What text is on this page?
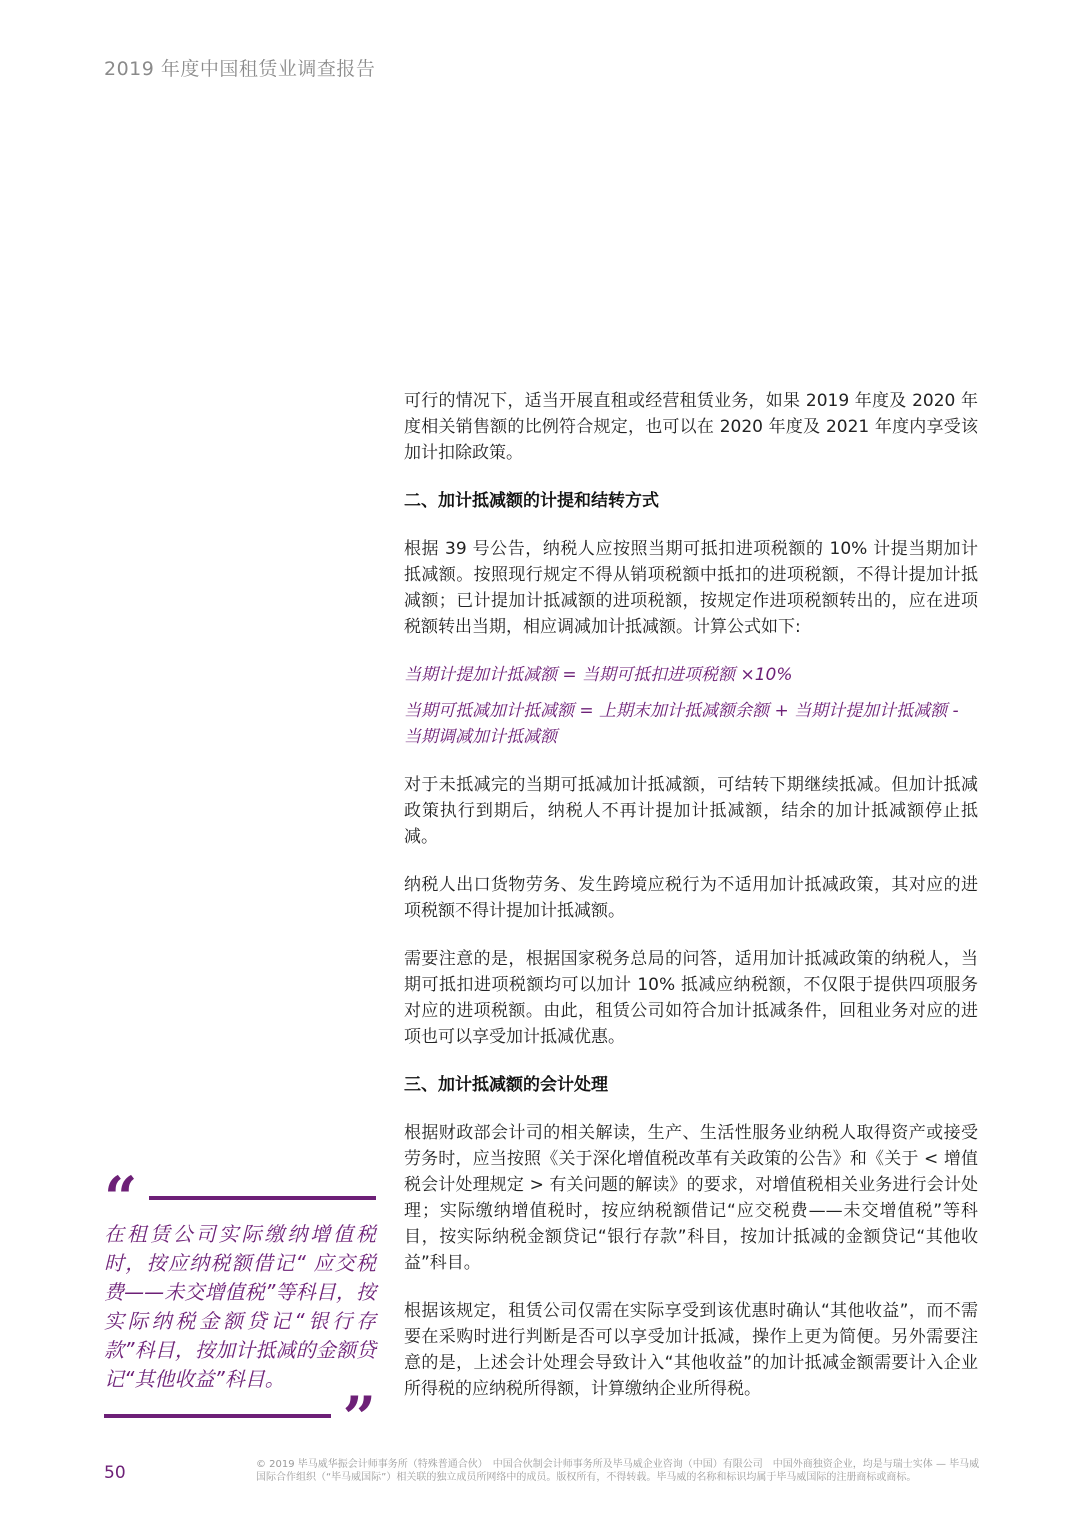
2019 年度中国租赁业调查报告

可行的情况下，适当开展直租或经营租赁业务，如果 2019 年度及 2020 年度相关销售额的比例符合规定，也可以在 2020 年度及 2021 年度内享受该加计扣除政策。

二、加计抵减额的计提和结转方式

根据 39 号公告，纳税人应按照当期可抵扣进项税额的 10% 计提当期加计抵减额。按照现行规定不得从销项税额中抵扣的进项税额，不得计提加计抵减额；已计提加计抵减额的进项税额，按规定作进项税额转出的，应在进项税额转出当期，相应调减加计抵减额。计算公式如下:

当期计提加计抵减额 = 当期可抵扣进项税额 ×10%

当期可抵减加计抵减额 = 上期末加计抵减额余额 + 当期计提加计抵减额 - 当期调减加计抵减额

对于未抵减完的当期可抵减加计抵减额，可结转下期继续抵减。但加计抵减政策执行到期后，纳税人不再计提加计抵减额，结余的加计抵减额停止抵减。

纳税人出口货物劳务、发生跨境应税行为不适用加计抵减政策，其对应的进项税额不得计提加计抵减额。

需要注意的是，根据国家税务总局的问答，适用加计抵减政策的纳税人，当期可抵扣进项税额均可以加计 10% 抵减应纳税额，不仅限于提供四项服务对应的进项税额。由此，租赁公司如符合加计抵减条件，回租业务对应的进项也可以享受加计抵减优惠。

三、加计抵减额的会计处理

根据财政部会计司的相关解读，生产、生活性服务业纳税人取得资产或接受劳务时，应当按照《关于深化增值税改革有关政策的公告》和《关于 < 增值税会计处理规定 > 有关问题的解读》的要求，对增值税相关业务进行会计处理；实际缴纳增值税时，按应纳税额借记“应交税费——未交增值税”等科目，按实际纳税金额贷记“银行存款”科目，按加计抵减的金额贷记“其他收益”科目。

根据该规定，租赁公司仅需在实际享受到该优惠时确认“其他收益”，而不需要在采购时进行判断是否可以享受加计抵减，操作上更为简便。另外需要注意的是，上述会计处理会导致计入“其他收益”的加计抵减金额需要计入企业所得税的应纳税所得额，计算缴纳企业所得税。

“
在租赁公司实际缴纳增值税时，按应纳税额借记“ 应交税费——未交增值税”等科目，按实际纳税金额贷记“银行存款”科目，按加计抵减的金额贷记“其他收益”科目。
”
50	© 2019 毕马威华振会计师事务所（特殊普通合伙）　中国合伙制会计师事务所及毕马威企业咨询（中国）有限公司　中国外商独资企业，均是与瑞士实体 — 毕马威国际合作组织（“毕马威国际”）相关联的独立成员所网络中的成员。版权所有，不得转载。毕马威的名称和标识均属于毕马威国际的注册商标或商标。
